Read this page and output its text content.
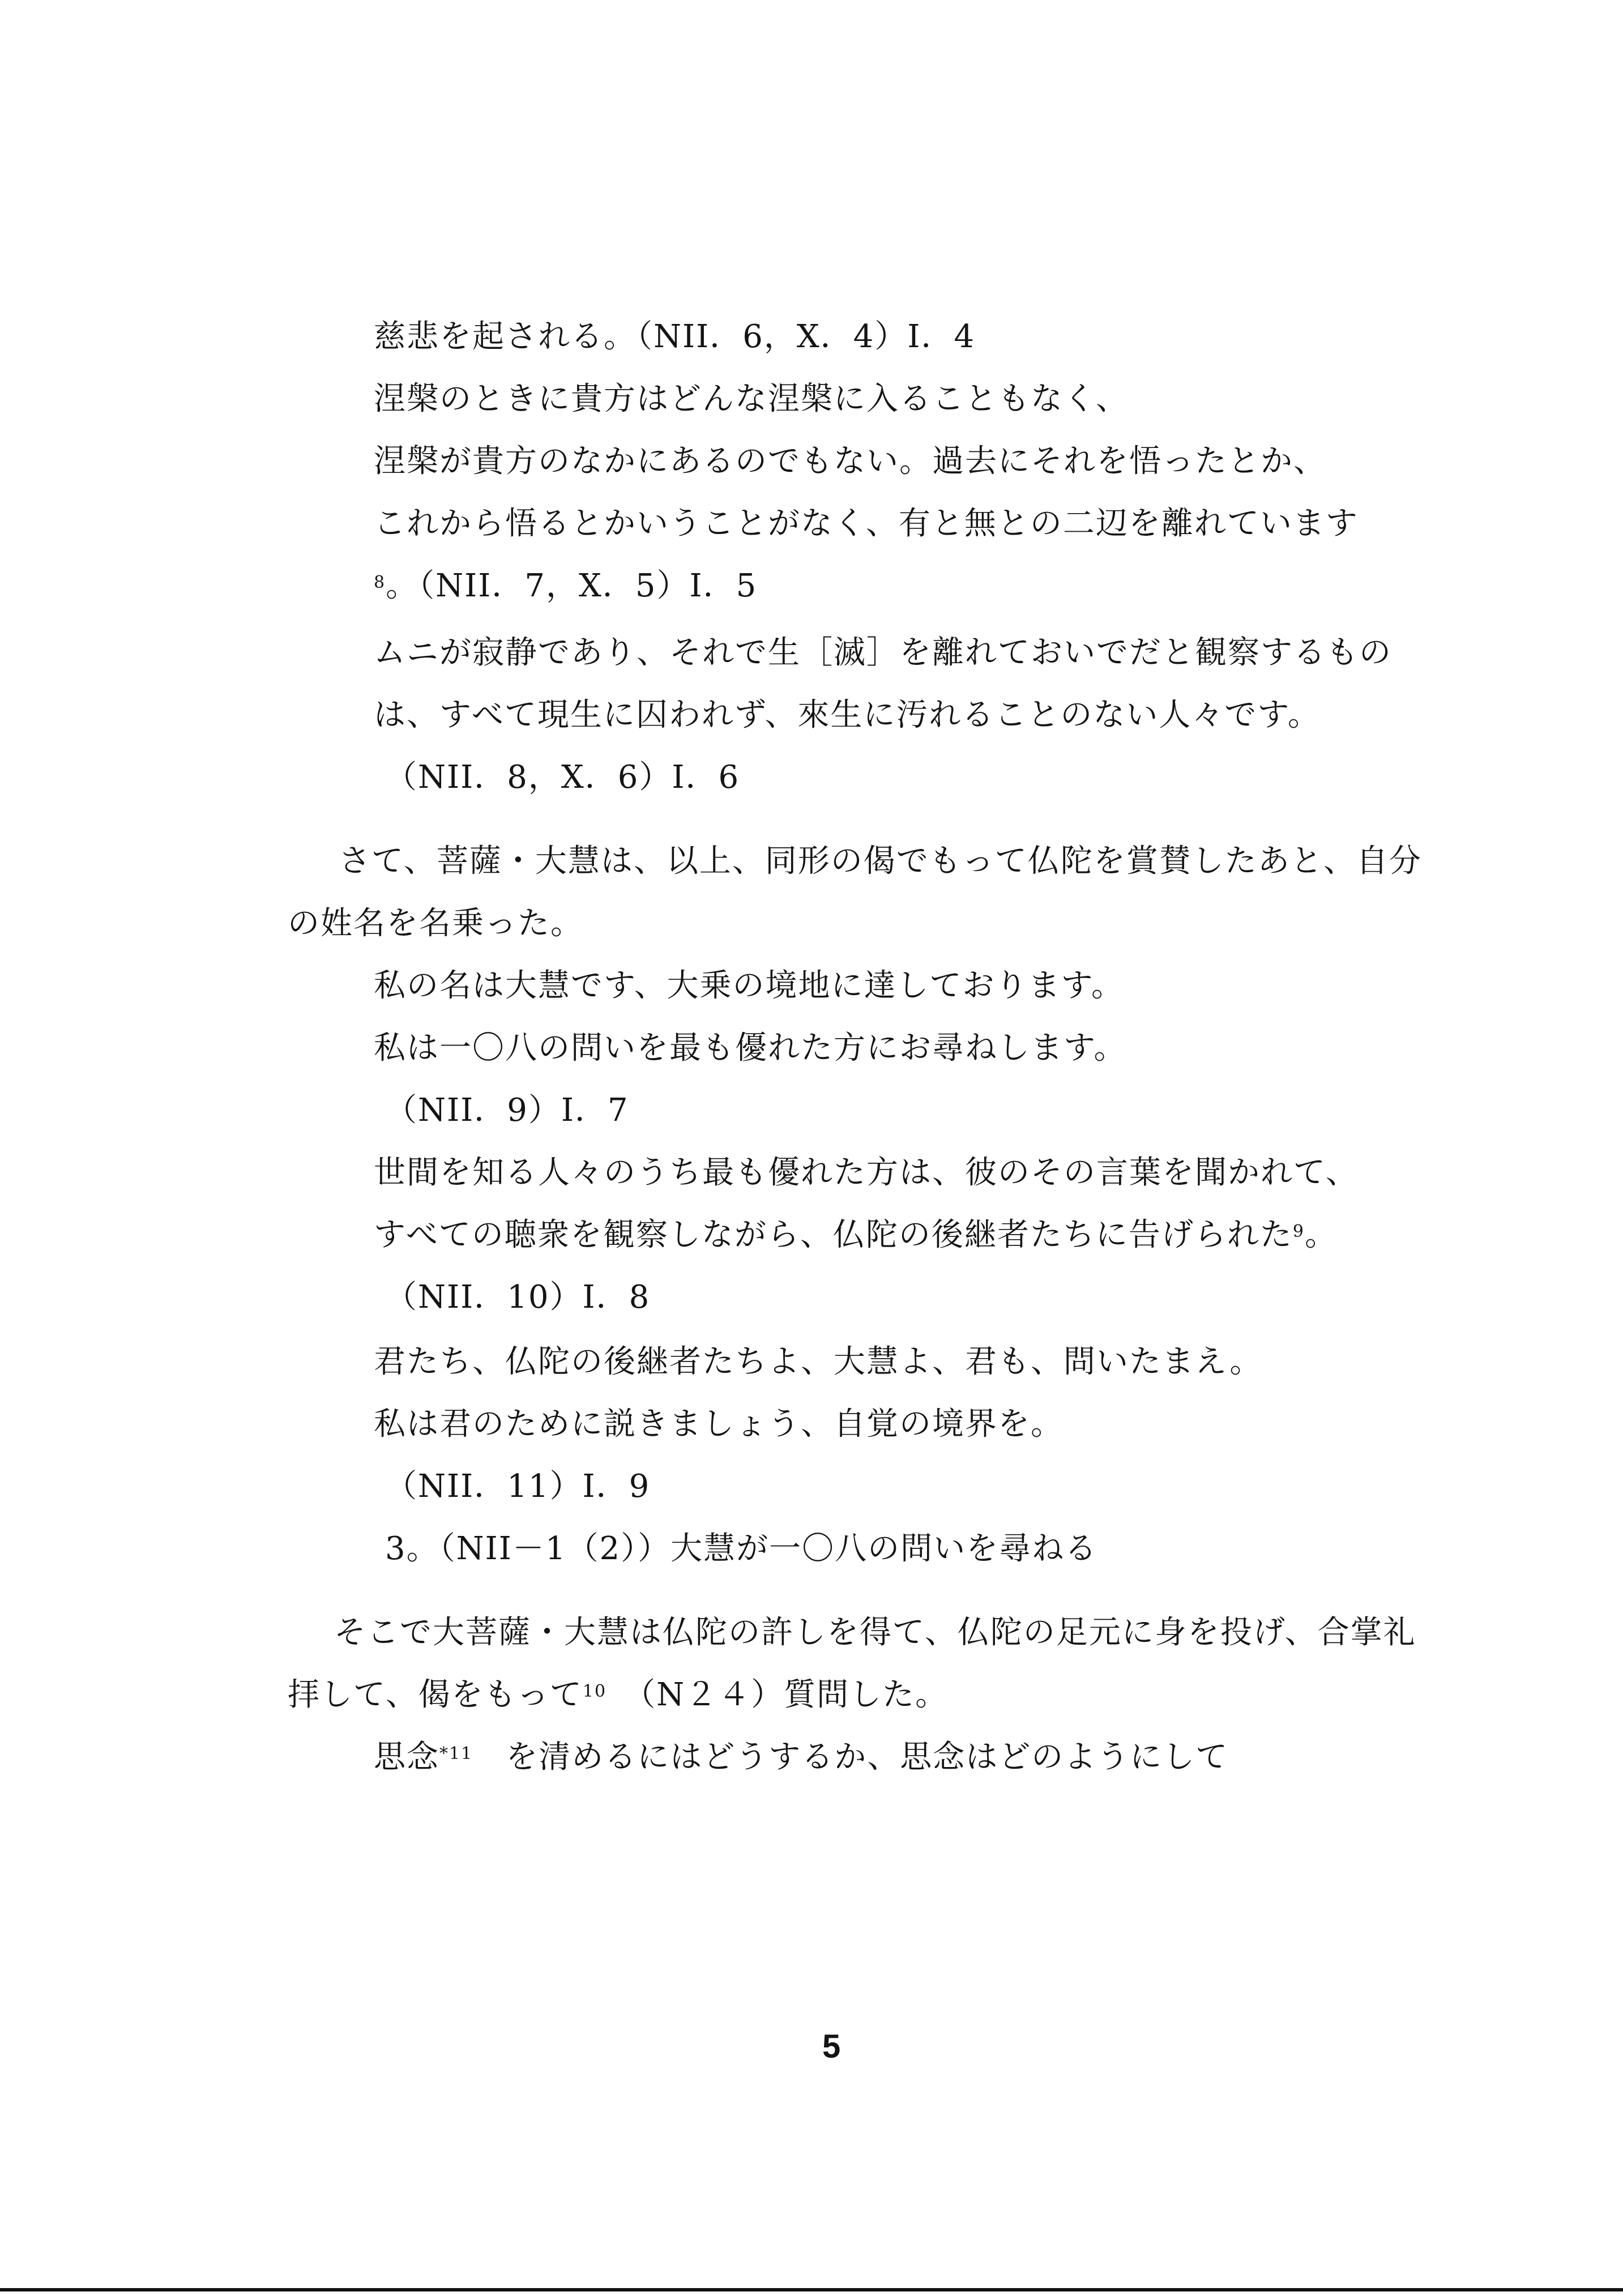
慈悲を起される。（NII．6，X．4）I．4
涅槃のときに貴方はどんな涅槃に入ることもなく、
涅槃が貴方のなかにあるのでもない。過去にそれを悟ったとか、
これから悟るとかいうことがなく、有と無との二辺を離れています
$^8$。（NII．7，X．5）I．5
ムニが寂静であり、それで生［滅］を離れておいでだと観察するもの
は、すべて現生に囚われず、來生に汚れることのない人々です。
（NII．8，X．6）I．6
さて、菩薩・大慧は、以上、同形の偈でもって仏陀を賞賛したあと、自分
の姓名を名乗った。
私の名は大慧です、大乗の境地に達しております。
私は一〇八の問いを最も優れた方にお尋ねします。
（NII．9）I．7
世間を知る人々のうち最も優れた方は、彼のその言葉を聞かれて、
すべての聴衆を観察しながら、仏陀の後継者たちに告げられた$^9$。
（NII．10）I．8
君たち、仏陀の後継者たちよ、大慧よ、君も、問いたまえ。
私は君のために説きましょう、自覚の境界を。
（NII．11）I．9
3。（NII－1（2））大慧が一〇八の問いを尋ねる
そこで大菩薩・大慧は仏陀の許しを得て、仏陀の足元に身を投げ、合掌礼
拝して、偈をもって$^{10}$　（N２４）質問した。
思念$^{*11}$　を清めるにはどうするか、思念はどのようにして
5
